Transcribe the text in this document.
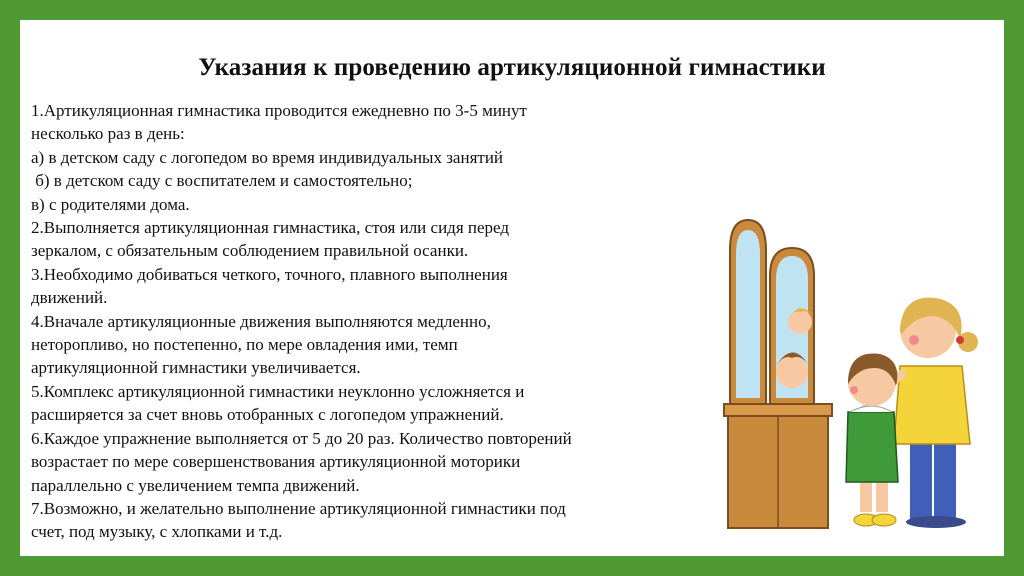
Указания к проведению артикуляционной гимнастики
1.Артикуляционная гимнастика проводится ежедневно по 3-5 минут
несколько раз в день:
а) в детском саду с логопедом во время индивидуальных занятий
б) в детском саду с воспитателем и самостоятельно;
в) с родителями дома.
2.Выполняется артикуляционная гимнастика, стоя или сидя перед
зеркалом, с обязательным соблюдением правильной осанки.
3.Необходимо добиваться четкого, точного, плавного выполнения
движений.
4.Вначале артикуляционные движения выполняются медленно,
неторопливо, но постепенно, по мере овладения ими, темп
артикуляционной гимнастики увеличивается.
5.Комплекс артикуляционной гимнастики неуклонно усложняется и
расширяется за счет вновь отобранных с логопедом упражнений.
6.Каждое упражнение выполняется от 5 до 20 раз. Количество повторений
возрастает по мере совершенствования артикуляционной моторики
параллельно с увеличением темпа движений.
7.Возможно, и желательно выполнение артикуляционной гимнастики под
счет, под музыку, с хлопками и т.д.
